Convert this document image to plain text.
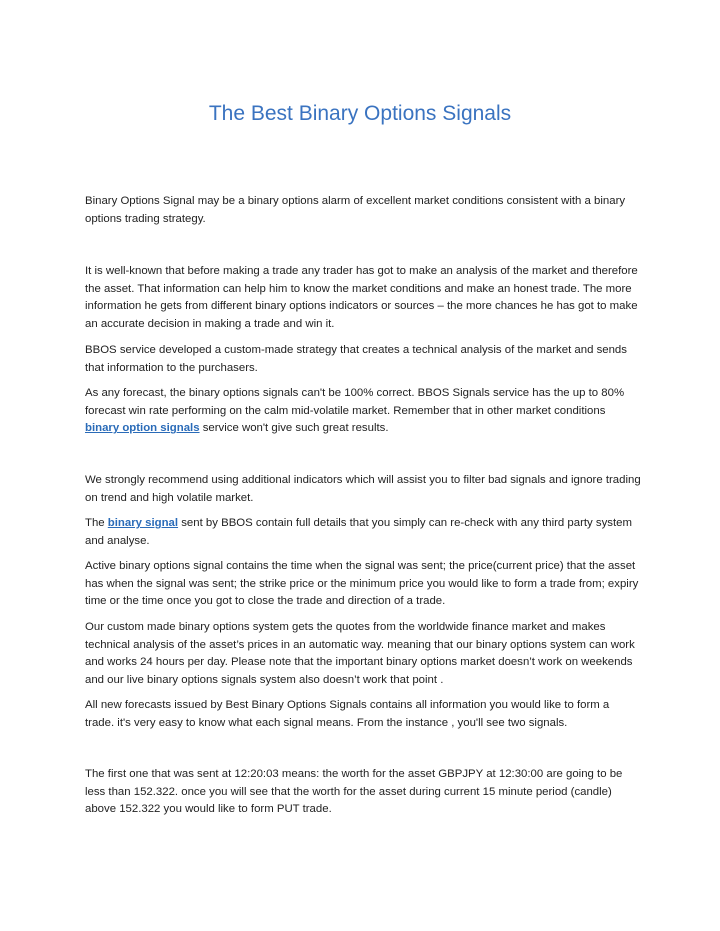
The Best Binary Options Signals

Binary Options Signal may be a binary options alarm of excellent market conditions consistent with a binary options trading strategy.

It is well-known that before making a trade any trader has got to make an analysis of the market and therefore the asset. That information can help him to know the market conditions and make an honest trade. The more information he gets from different binary options indicators or sources – the more chances he has got to make an accurate decision in making a trade and win it.

BBOS service developed a custom-made strategy that creates a technical analysis of the market and sends that information to the purchasers.

As any forecast, the binary options signals can't be 100% correct. BBOS Signals service has the up to 80% forecast win rate performing on the calm mid-volatile market. Remember that in other market conditions binary option signals service won't give such great results.

We strongly recommend using additional indicators which will assist you to filter bad signals and ignore trading on trend and high volatile market.

The binary signal sent by BBOS contain full details that you simply can re-check with any third party system and analyse.

Active binary options signal contains the time when the signal was sent; the price(current price) that the asset has when the signal was sent; the strike price or the minimum price you would like to form a trade from; expiry time or the time once you got to close the trade and direction of a trade.

Our custom made binary options system gets the quotes from the worldwide finance market and makes technical analysis of the asset’s prices in an automatic way. meaning that our binary options system can work and works 24 hours per day. Please note that the important binary options market doesn’t work on weekends and our live binary options signals system also doesn’t work that point .

All new forecasts issued by Best Binary Options Signals contains all information you would like to form a trade. it's very easy to know what each signal means. From the instance , you'll see two signals.

The first one that was sent at 12:20:03 means: the worth for the asset GBPJPY at 12:30:00 are going to be less than 152.322. once you will see that the worth for the asset during current 15 minute period (candle) above 152.322 you would like to form PUT trade.
